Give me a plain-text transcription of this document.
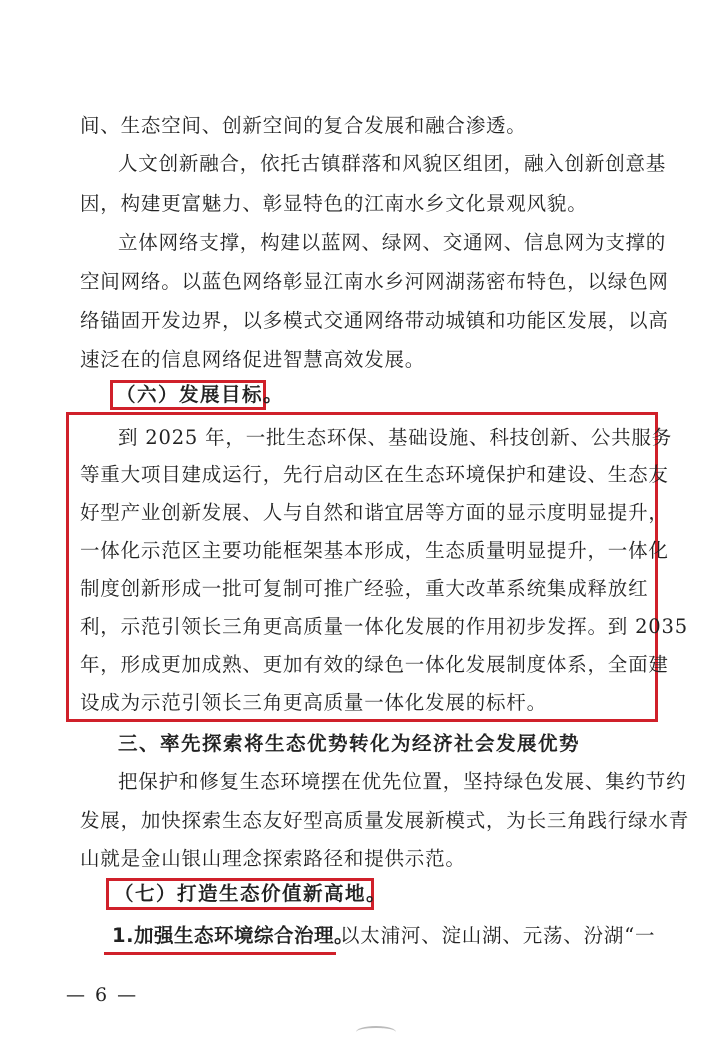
间、生态空间、创新空间的复合发展和融合渗透。
人文创新融合，依托古镇群落和风貌区组团，融入创新创意基
因，构建更富魅力、彰显特色的江南水乡文化景观风貌。
立体网络支撑，构建以蓝网、绿网、交通网、信息网为支撑的
空间网络。以蓝色网络彰显江南水乡河网湖荡密布特色，以绿色网
络锚固开发边界，以多模式交通网络带动城镇和功能区发展，以高
速泛在的信息网络促进智慧高效发展。
（六）发展目标。
到 2025 年，一批生态环保、基础设施、科技创新、公共服务
等重大项目建成运行，先行启动区在生态环境保护和建设、生态友
好型产业创新发展、人与自然和谐宜居等方面的显示度明显提升，
一体化示范区主要功能框架基本形成，生态质量明显提升，一体化
制度创新形成一批可复制可推广经验，重大改革系统集成释放红
利，示范引领长三角更高质量一体化发展的作用初步发挥。到 2035
年，形成更加成熟、更加有效的绿色一体化发展制度体系，全面建
设成为示范引领长三角更高质量一体化发展的标杆。
三、率先探索将生态优势转化为经济社会发展优势
把保护和修复生态环境摆在优先位置，坚持绿色发展、集约节约
发展，加快探索生态友好型高质量发展新模式，为长三角践行绿水青
山就是金山银山理念探索路径和提供示范。
（七）打造生态价值新高地。
1.加强生态环境综合治理。
以太浦河、淀山湖、元荡、汾湖“一
— 6 —
